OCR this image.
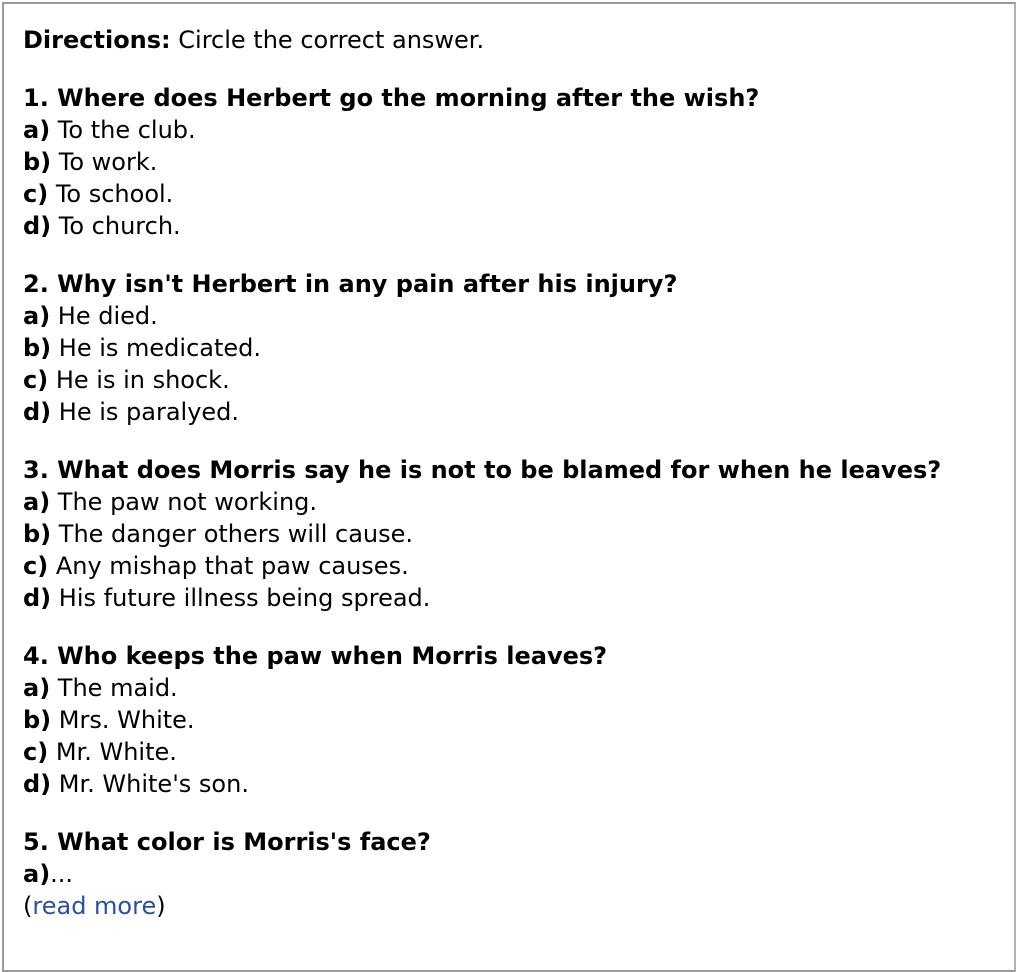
Directions: Circle the correct answer.
1. Where does Herbert go the morning after the wish?
a) To the club.
b) To work.
c) To school.
d) To church.
2. Why isn't Herbert in any pain after his injury?
a) He died.
b) He is medicated.
c) He is in shock.
d) He is paralyed.
3. What does Morris say he is not to be blamed for when he leaves?
a) The paw not working.
b) The danger others will cause.
c) Any mishap that paw causes.
d) His future illness being spread.
4. Who keeps the paw when Morris leaves?
a) The maid.
b) Mrs. White.
c) Mr. White.
d) Mr. White's son.
5. What color is Morris's face?
a)...
(read more)
